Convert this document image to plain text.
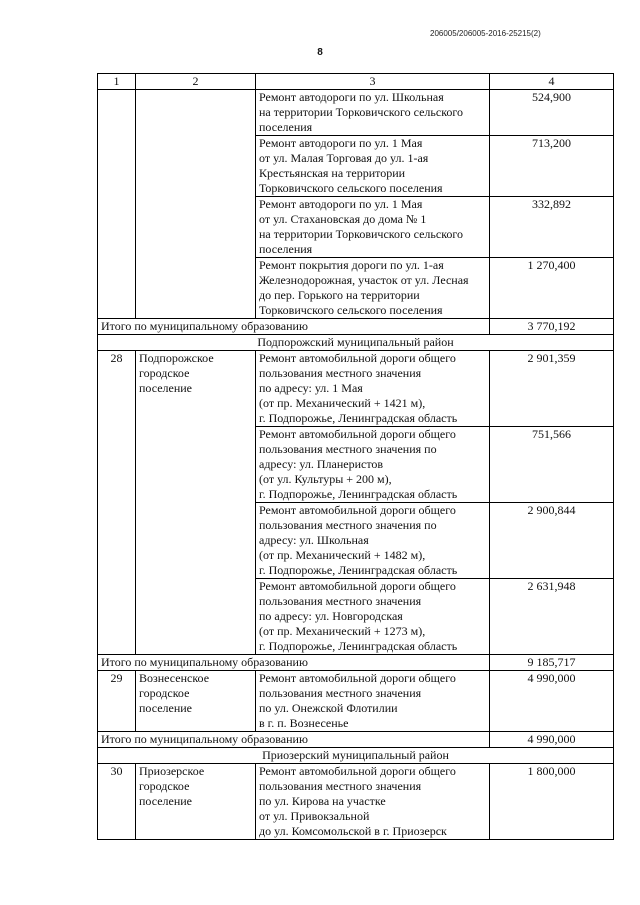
206005/206005-2016-25215(2)
8
1	2	3	4

		Ремонт автодороги по ул. Школьная
на территории Торковичского сельского
поселения	524,900

		Ремонт автодороги по ул. 1 Мая
от ул. Малая Торговая до ул. 1-ая
Крестьянская на территории
Торковичского сельского поселения	713,200

		Ремонт автодороги по ул. 1 Мая
от ул. Стахановская до дома № 1
на территории Торковичского сельского
поселения	332,892

		Ремонт покрытия дороги по ул. 1-ая
Железнодорожная, участок от ул. Лесная
до пер. Горького на территории
Торковичского сельского поселения	1 270,400
Итого по муниципальному образованию			3 770,192
Подпорожский муниципальный район			
28	Подпорожское
городское
поселение	Ремонт автомобильной дороги общего
пользования местного значения
по адресу: ул. 1 Мая
(от пр. Механический + 1421 м),
г. Подпорожье, Ленинградская область	2 901,359

		Ремонт автомобильной дороги общего
пользования местного значения по
адресу: ул. Планеристов
(от ул. Культуры + 200 м),
г. Подпорожье, Ленинградская область	751,566

		Ремонт автомобильной дороги общего
пользования местного значения по
адресу: ул. Школьная
(от пр. Механический + 1482 м),
г. Подпорожье, Ленинградская область	2 900,844

		Ремонт автомобильной дороги общего
пользования местного значения
по адресу: ул. Новгородская
(от пр. Механический + 1273 м),
г. Подпорожье, Ленинградская область	2 631,948
Итого по муниципальному образованию			9 185,717
29	Вознесенское
городское
поселение	Ремонт автомобильной дороги общего
пользования местного значения
по ул. Онежской Флотилии
в г. п. Вознесенье	4 990,000
Итого по муниципальному образованию			4 990,000
Приозерский муниципальный район			
30	Приозерское
городское
поселение	Ремонт автомобильной дороги общего
пользования местного значения
по ул. Кирова на участке
от ул. Привокзальной
до ул. Комсомольской в г. Приозерск	1 800,000
